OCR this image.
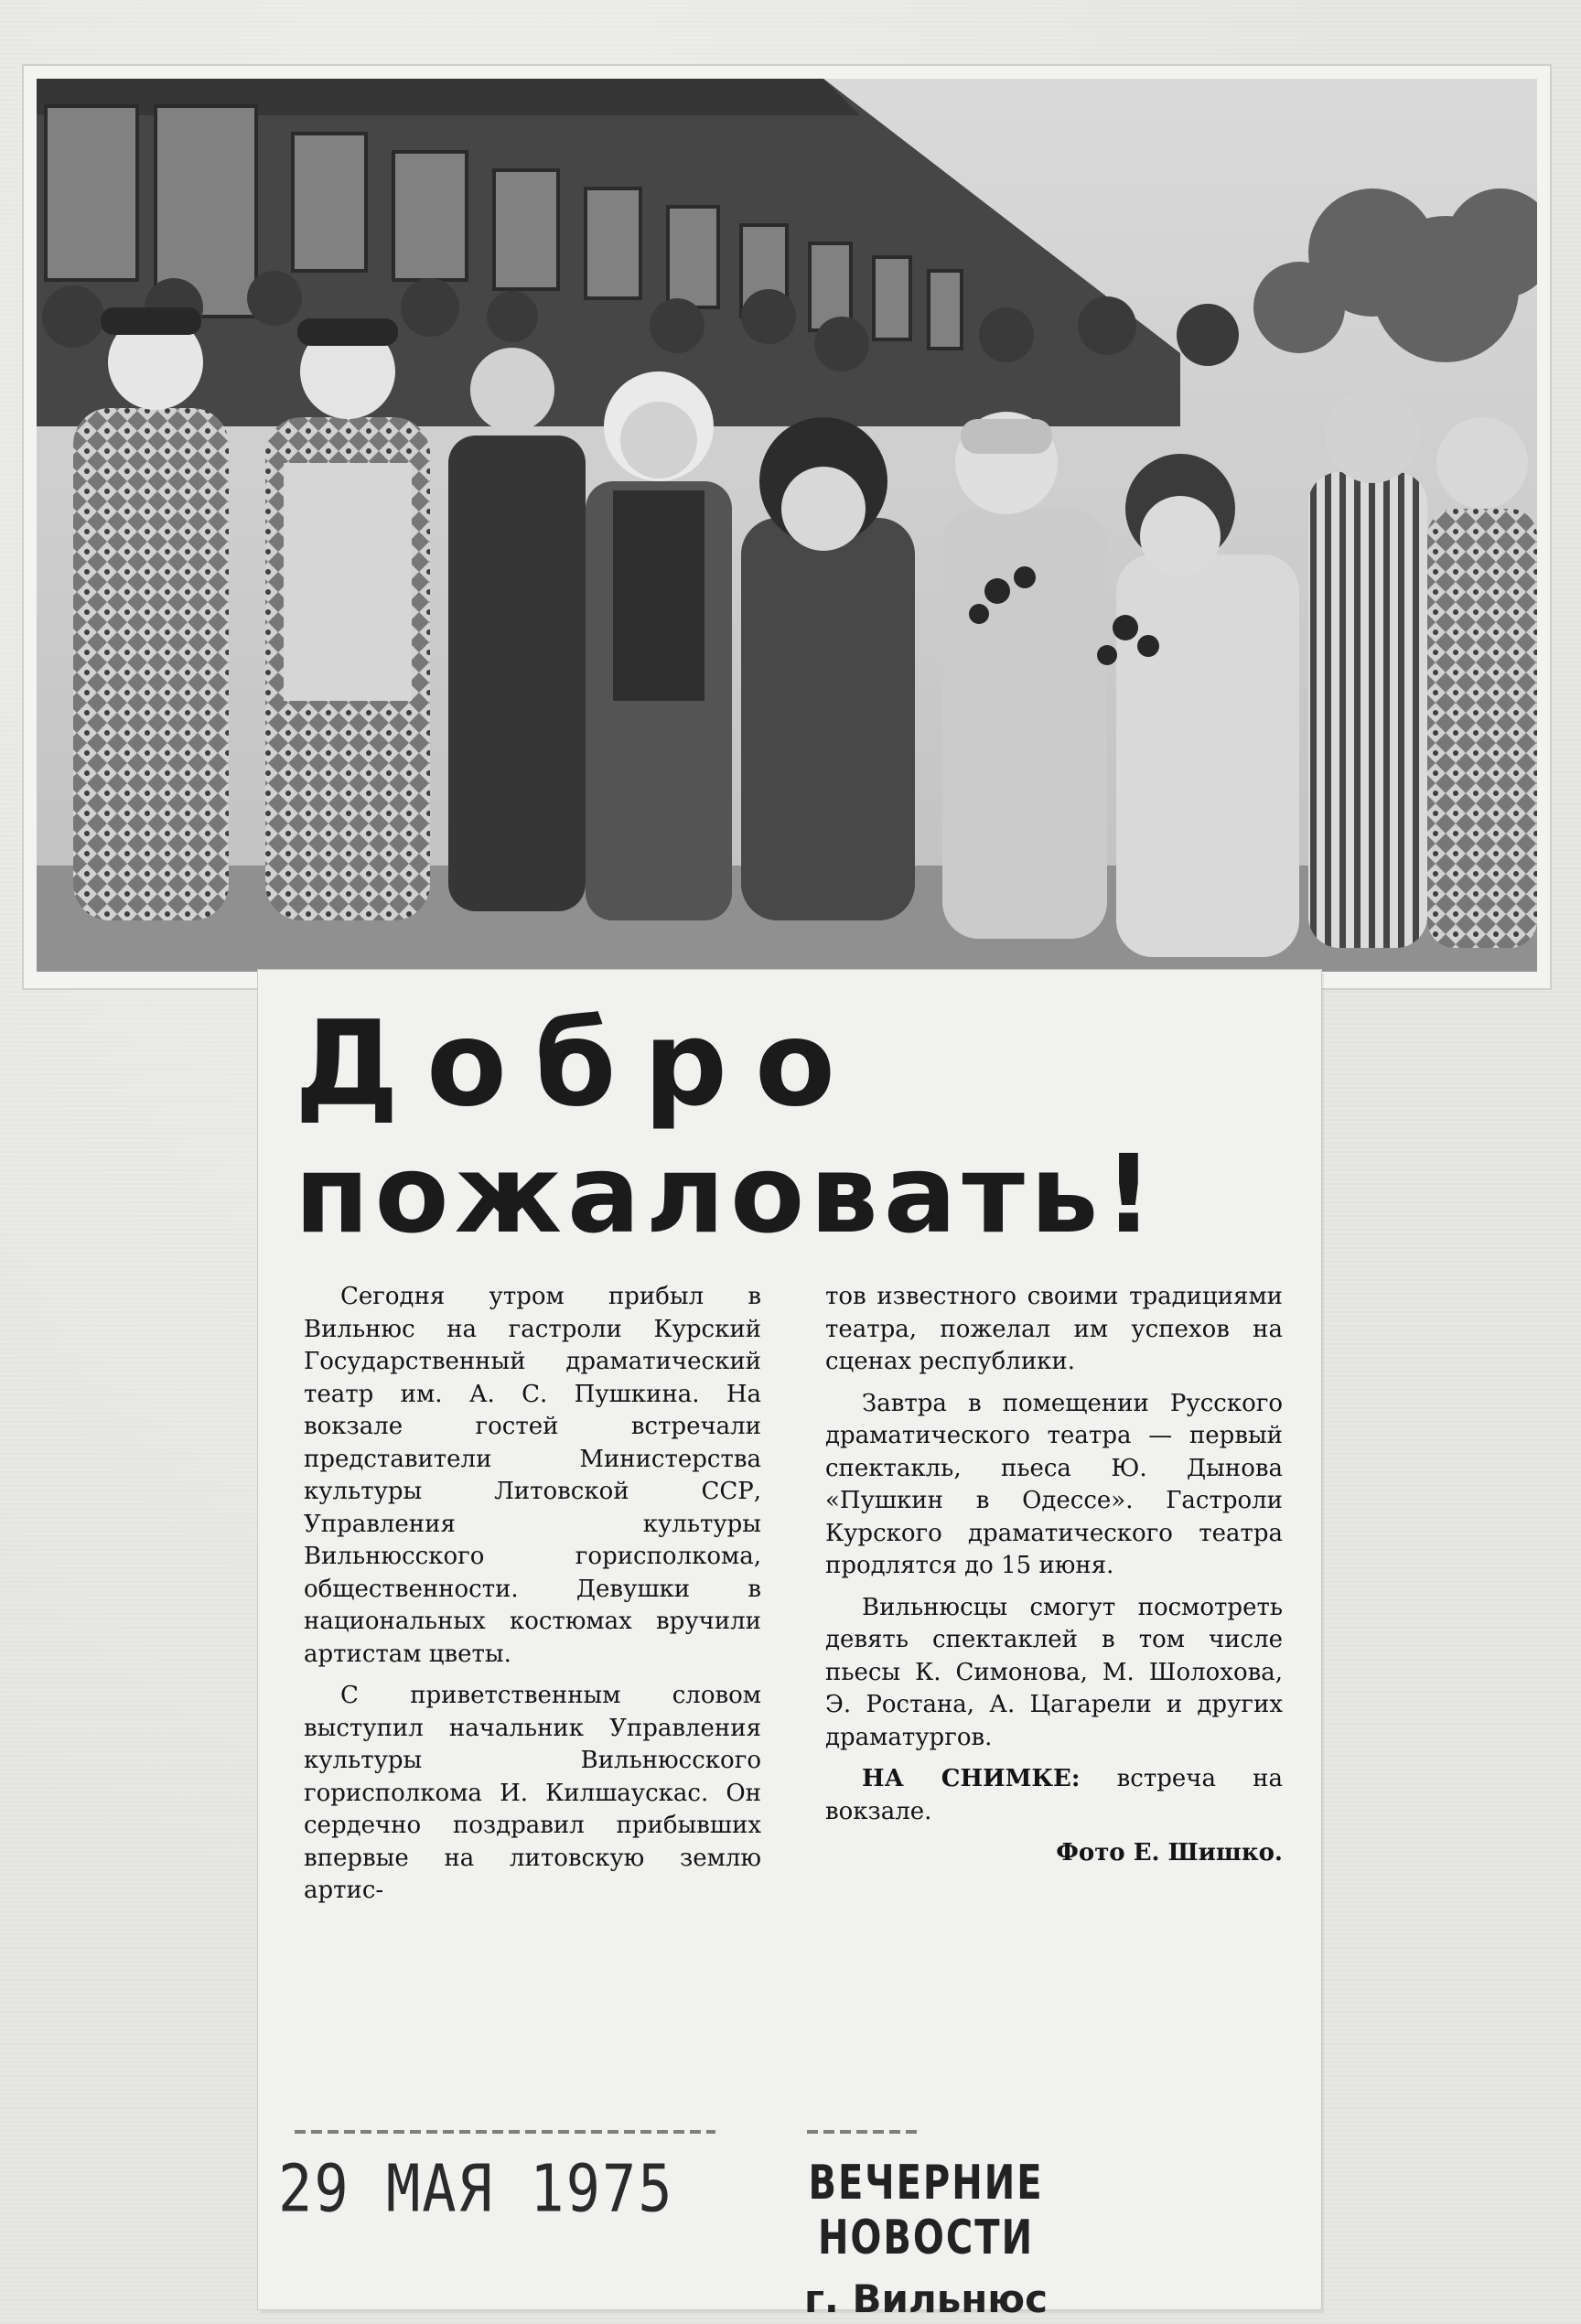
Добро
пожаловать!

Сегодня утром прибыл в Вильнюс на гастроли Курский Государственный драматический театр им. А. С. Пушкина. На вокзале гостей встречали представители Министерства культуры Литовской ССР, Управления культуры Вильнюсского горисполкома, общественности. Девушки в национальных костюмах вручили артистам цветы.

С приветственным словом выступил начальник Управления культуры Вильнюсского горисполкома И. Килшаускас. Он сердечно поздравил прибывших впервые на литовскую землю артис-

тов известного своими традициями театра, пожелал им успехов на сценах республики.

Завтра в помещении Русского драматического театра — первый спектакль, пьеса Ю. Дынова «Пушкин в Одессе». Гастроли Курского драматического театра продлятся до 15 июня.

Вильнюсцы смогут посмотреть девять спектаклей в том числе пьесы К. Симонова, М. Шолохова, Э. Ростана, А. Цагарели и других драматургов.

НА СНИМКЕ: встреча на вокзале.

Фото Е. Шишко.
29 МАЯ 1975	ВЕЧЕРНИЕ НОВОСТИ
г. Вильнюс
